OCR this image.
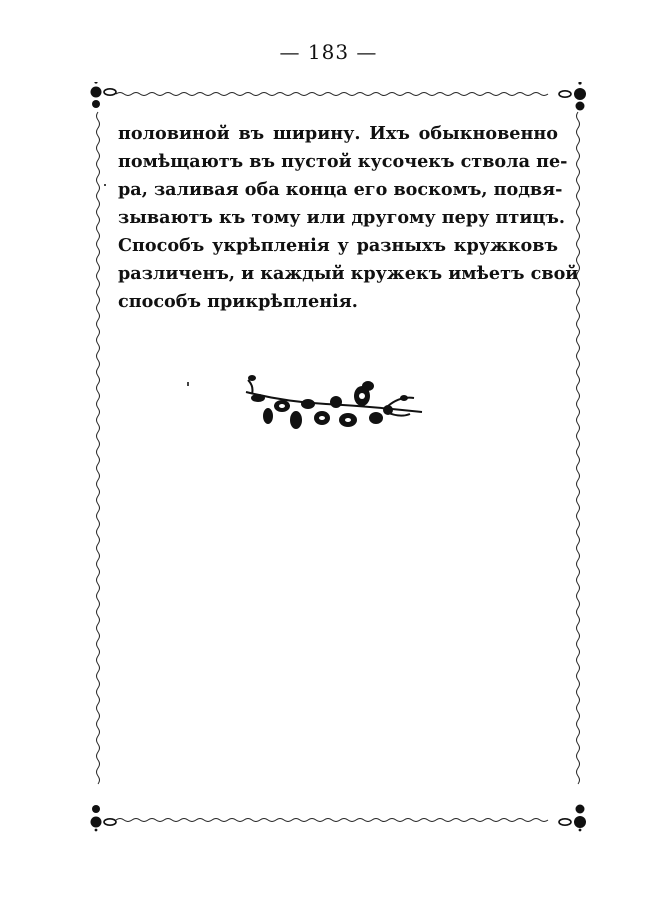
— 183 —
половиной въ ширину. Ихъ обыкновенно
помѣщаютъ въ пустой кусочекъ ствола пе-
ра, заливая оба конца его воскомъ, подвя-
зываютъ къ тому или другому перу птицъ.
Способъ укрѣпленія у разныхъ кружковъ
различенъ, и каждый кружекъ имѣетъ свой
способъ прикрѣпленія.
